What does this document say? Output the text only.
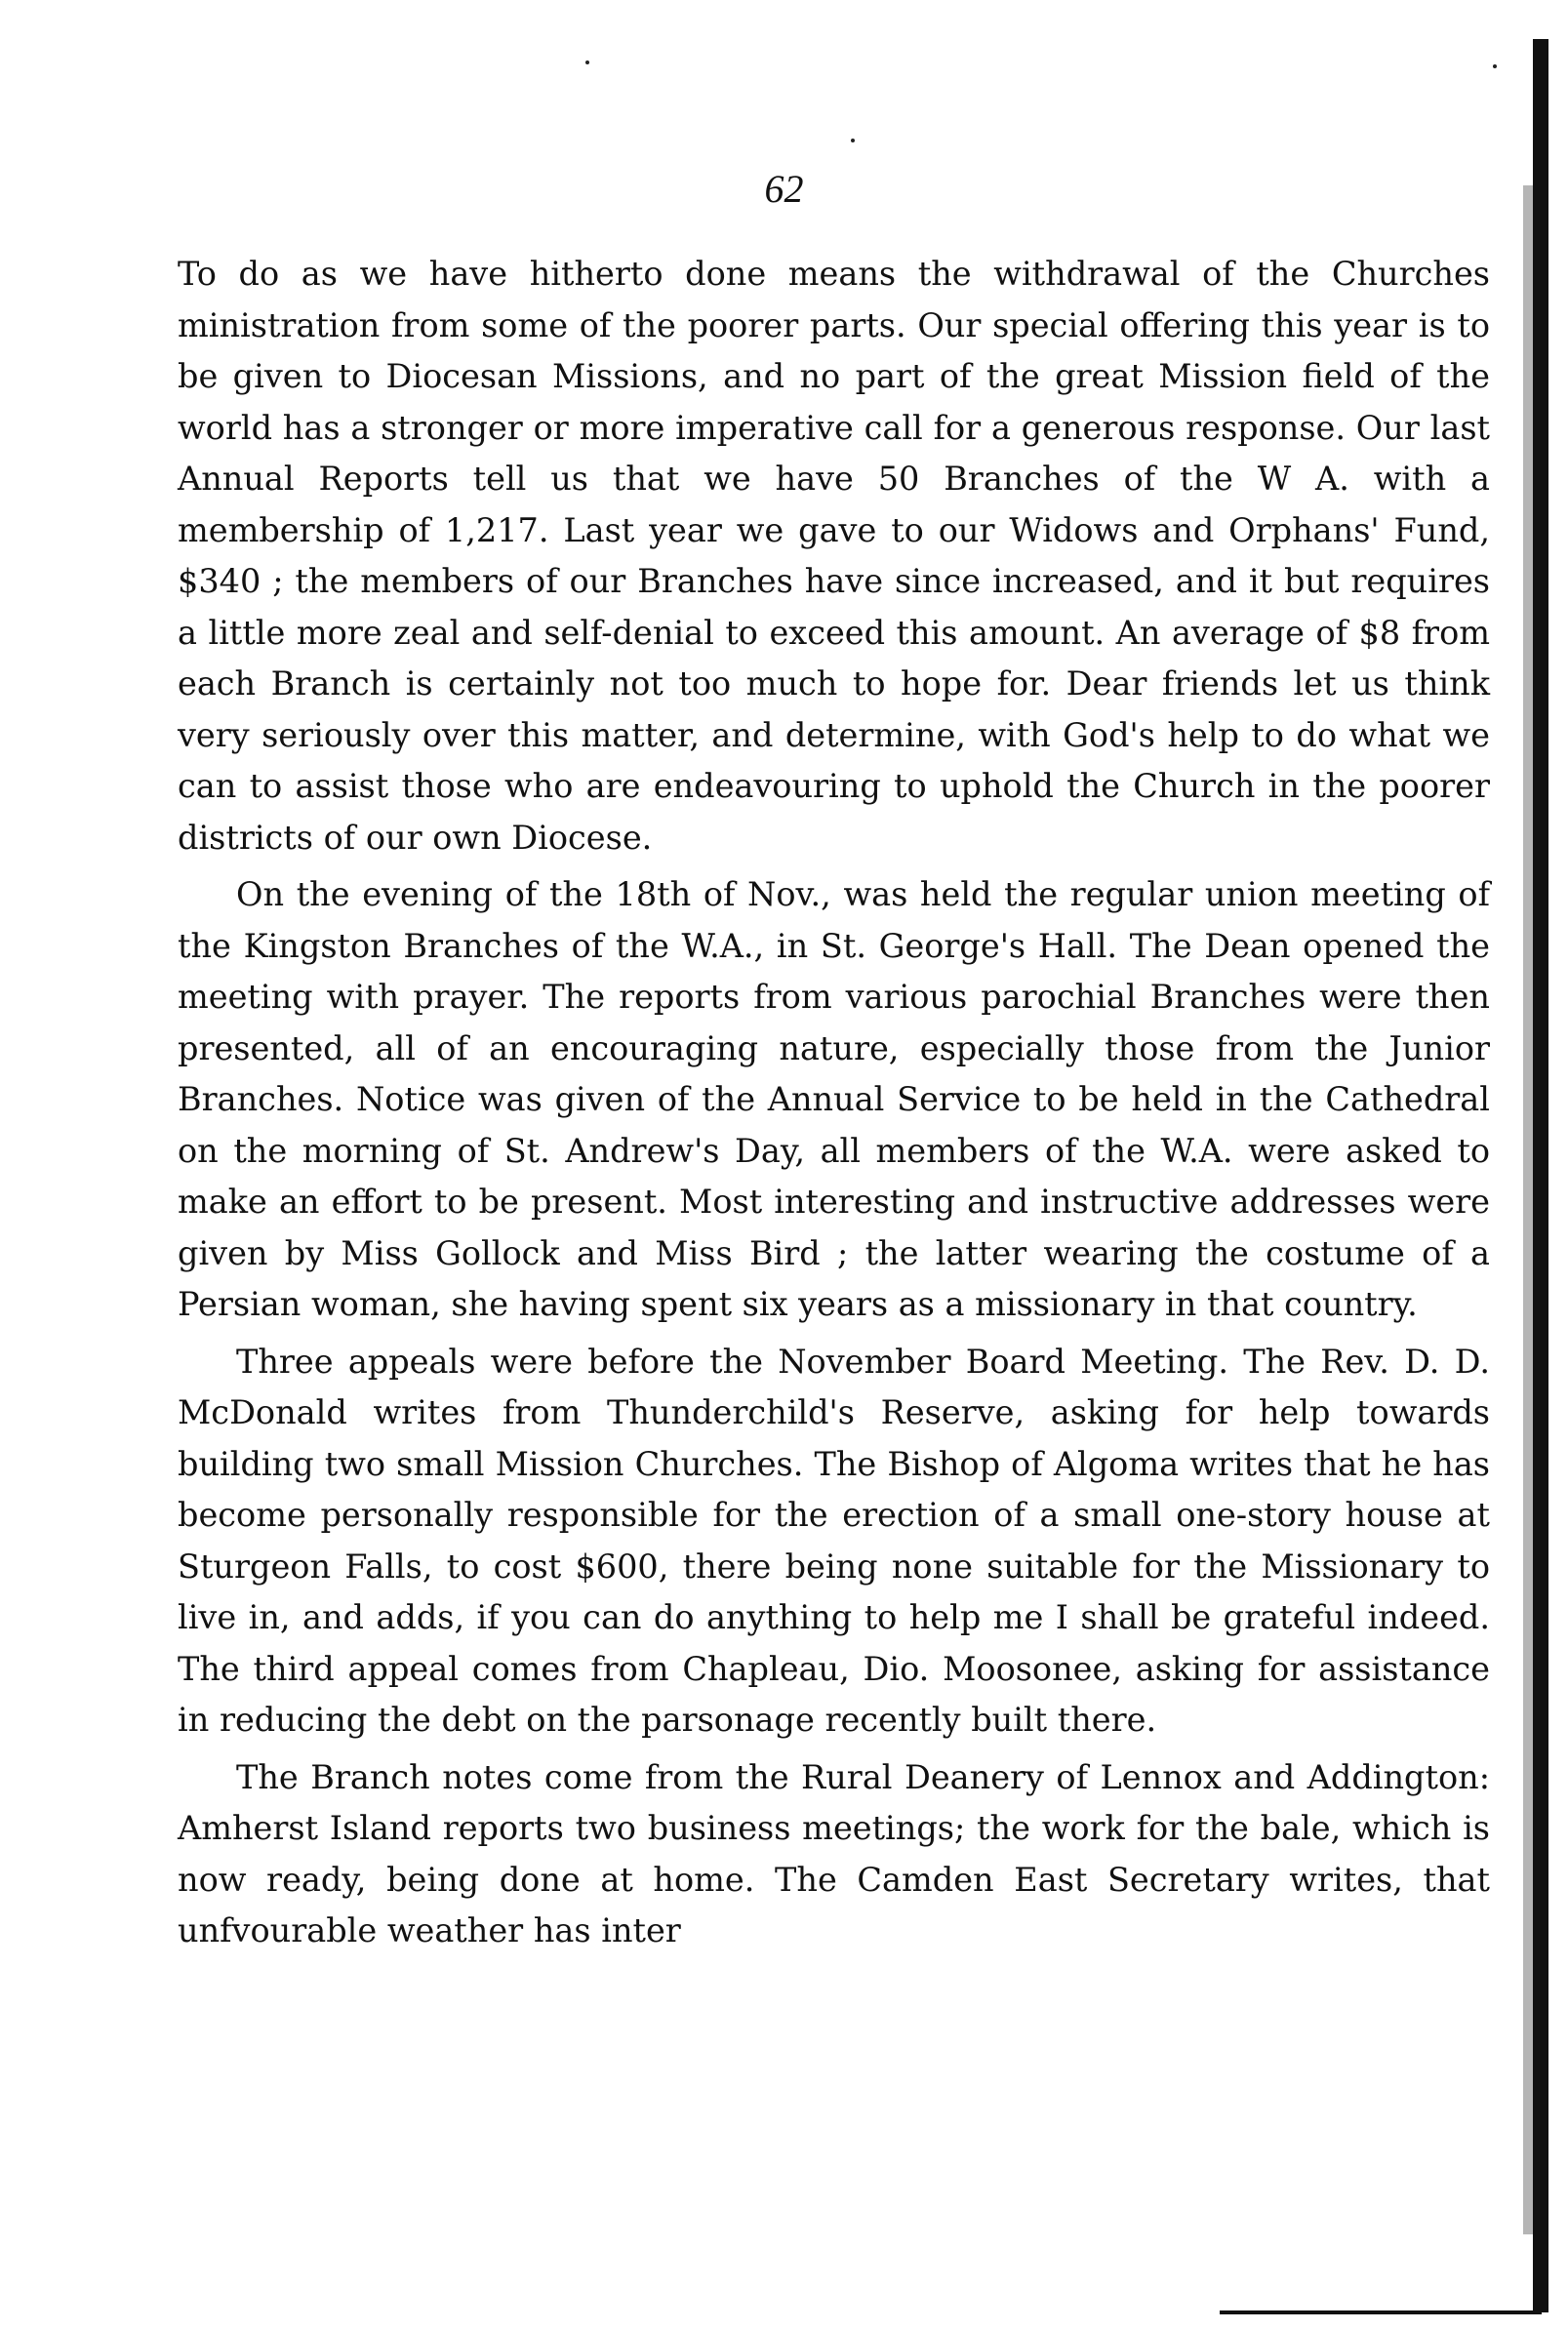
62

To do as we have hitherto done means the withdrawal of the Churches ministration from some of the poorer parts. Our special offering this year is to be given to Diocesan Missions, and no part of the great Mission field of the world has a stronger or more imperative call for a generous response. Our last Annual Reports tell us that we have 50 Branches of the W A. with a membership of 1,217. Last year we gave to our Widows and Orphans' Fund, $340 ; the members of our Branches have since increased, and it but requires a little more zeal and self-denial to exceed this amount. An average of $8 from each Branch is certainly not too much to hope for. Dear friends let us think very seriously over this matter, and determine, with God's help to do what we can to assist those who are endeavouring to uphold the Church in the poorer districts of our own Diocese.

On the evening of the 18th of Nov., was held the regular union meeting of the Kingston Branches of the W.A., in St. George's Hall. The Dean opened the meeting with prayer. The reports from various parochial Branches were then presented, all of an encouraging nature, especially those from the Junior Branches. Notice was given of the Annual Service to be held in the Cathedral on the morning of St. Andrew's Day, all members of the W.A. were asked to make an effort to be present. Most interesting and instructive addresses were given by Miss Gollock and Miss Bird ; the latter wearing the costume of a Persian woman, she having spent six years as a missionary in that country.

Three appeals were before the November Board Meeting. The Rev. D. D. McDonald writes from Thunderchild's Reserve, asking for help towards building two small Mission Churches. The Bishop of Algoma writes that he has become personally responsible for the erection of a small one-story house at Sturgeon Falls, to cost $600, there being none suitable for the Missionary to live in, and adds, if you can do anything to help me I shall be grateful indeed. The third appeal comes from Chapleau, Dio. Moosonee, asking for assistance in reducing the debt on the parsonage recently built there.

The Branch notes come from the Rural Deanery of Lennox and Addington: Amherst Island reports two business meetings; the work for the bale, which is now ready, being done at home. The Camden East Secretary writes, that unfvourable weather has inter
